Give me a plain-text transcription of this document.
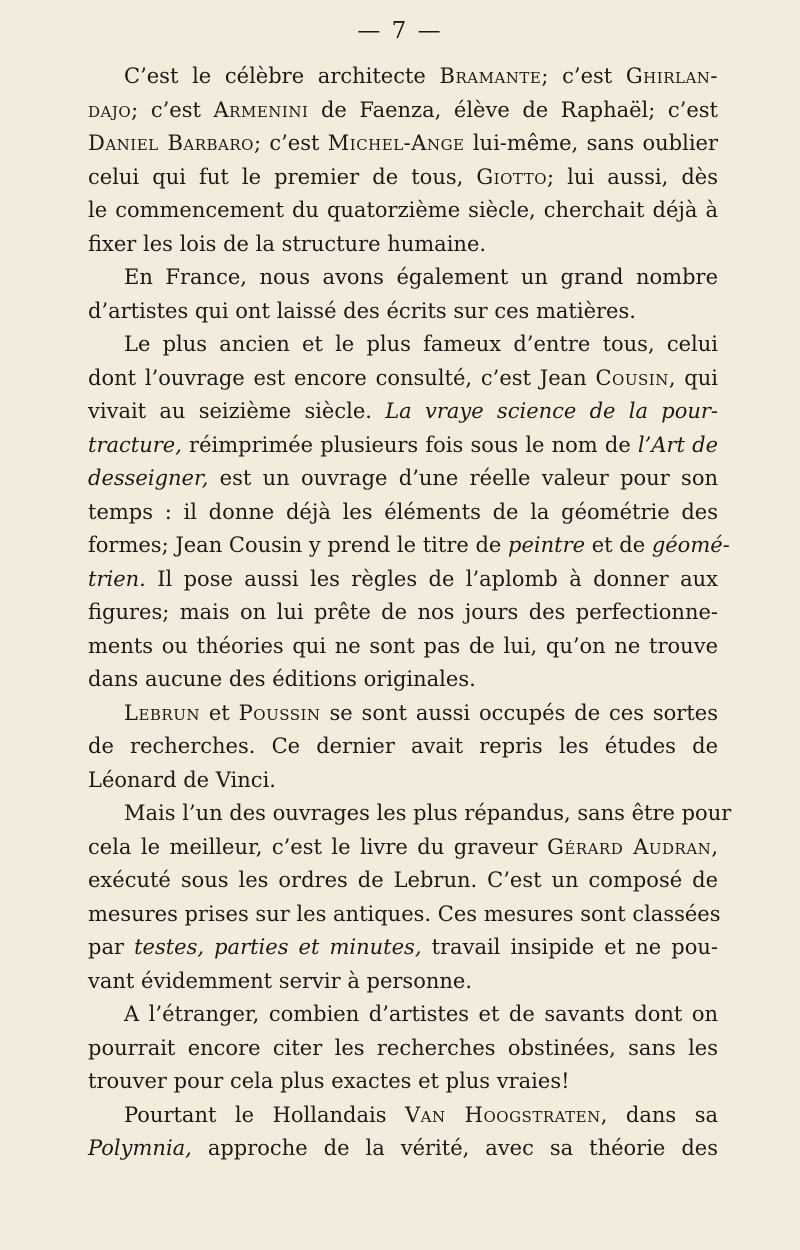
— 7 —
C’est le célèbre architecte Bramante; c’est Ghirlan-
dajo; c’est Armenini de Faenza, élève de Raphaël; c’est
Daniel Barbaro; c’est Michel-Ange lui-même, sans oublier
celui qui fut le premier de tous, Giotto; lui aussi, dès
le commencement du quatorzième siècle, cherchait déjà à
fixer les lois de la structure humaine.
En France, nous avons également un grand nombre
d’artistes qui ont laissé des écrits sur ces matières.
Le plus ancien et le plus fameux d’entre tous, celui
dont l’ouvrage est encore consulté, c’est Jean Cousin, qui
vivait au seizième siècle. La vraye science de la pour-
tracture, réimprimée plusieurs fois sous le nom de l’Art de
desseigner, est un ouvrage d’une réelle valeur pour son
temps : il donne déjà les éléments de la géométrie des
formes; Jean Cousin y prend le titre de peintre et de géomé-
trien. Il pose aussi les règles de l’aplomb à donner aux
figures; mais on lui prête de nos jours des perfectionne-
ments ou théories qui ne sont pas de lui, qu’on ne trouve
dans aucune des éditions originales.
Lebrun et Poussin se sont aussi occupés de ces sortes
de recherches. Ce dernier avait repris les études de
Léonard de Vinci.
Mais l’un des ouvrages les plus répandus, sans être pour
cela le meilleur, c’est le livre du graveur Gérard Audran,
exécuté sous les ordres de Lebrun. C’est un composé de
mesures prises sur les antiques. Ces mesures sont classées
par testes, parties et minutes, travail insipide et ne pou-
vant évidemment servir à personne.
A l’étranger, combien d’artistes et de savants dont on
pourrait encore citer les recherches obstinées, sans les
trouver pour cela plus exactes et plus vraies!
Pourtant le Hollandais Van Hoogstraten, dans sa
Polymnia, approche de la vérité, avec sa théorie des
